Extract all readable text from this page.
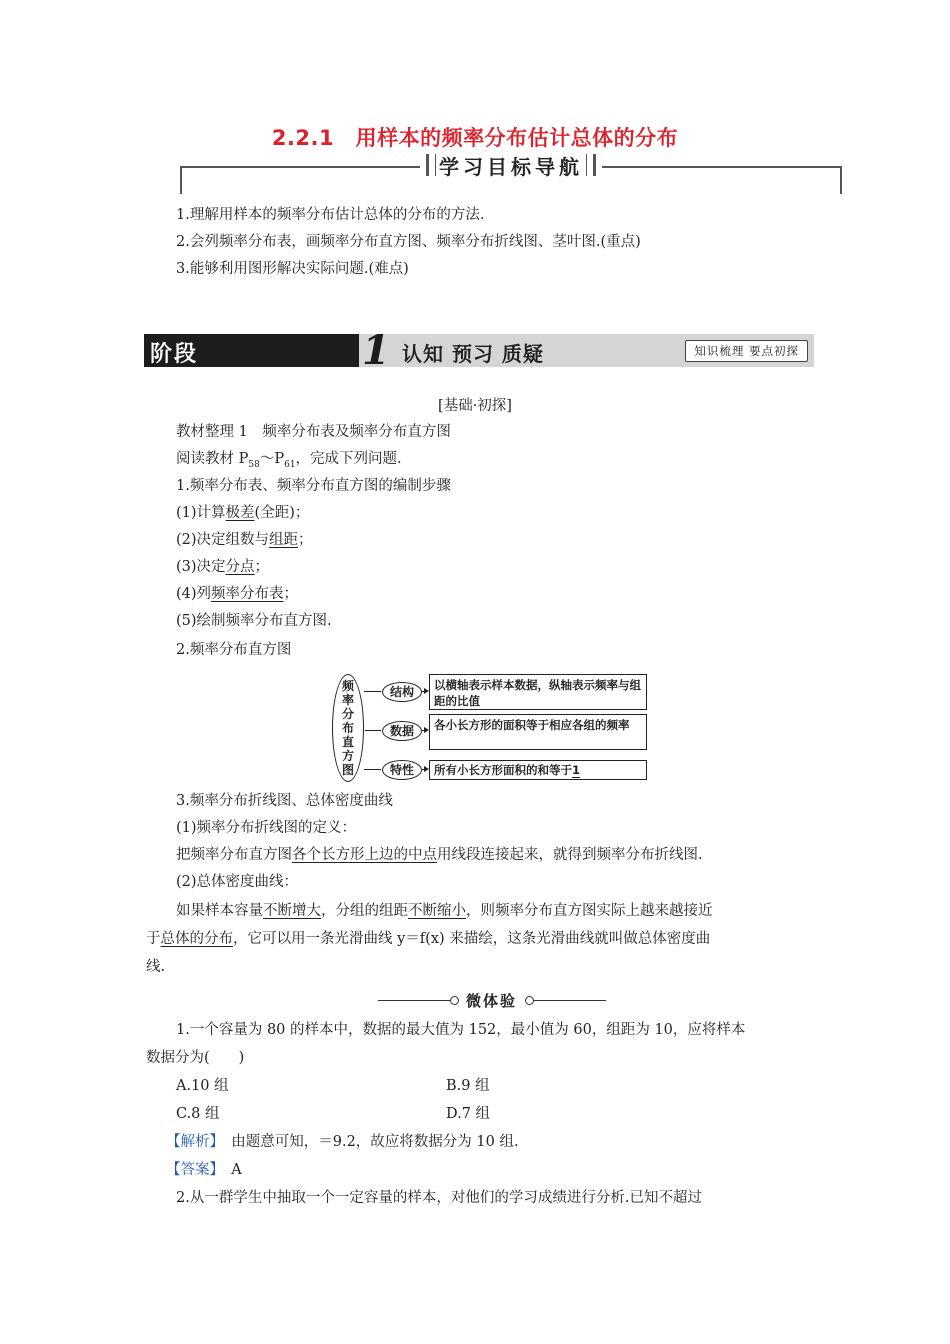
2.2.1　用样本的频率分布估计总体的分布
学习目标导航
1.理解用样本的频率分布估计总体的分布的方法.
2.会列频率分布表，画频率分布直方图、频率分布折线图、茎叶图.(重点)
3.能够利用图形解决实际问题.(难点)
阶段	1 认知 预习 质疑	知识梳理 要点初探
[基础·初探]
教材整理 1　频率分布表及频率分布直方图
阅读教材 $P_{58}\sim P_{61}$，完成下列问题.
1.频率分布表、频率分布直方图的编制步骤
(1)计算极差(全距)；
(2)决定组数与组距；
(3)决定分点；
(4)列频率分布表；
(5)绘制频率分布直方图.
2.频率分布直方图
频
率
分
布
直
方
图
结构
数据
特性
以横轴表示样本数据，纵轴表示频率与组距的比值
各小长方形的面积等于相应各组的频率
所有小长方形面积的和等于1
3.频率分布折线图、总体密度曲线
(1)频率分布折线图的定义：
把频率分布直方图各个长方形上边的中点用线段连接起来，就得到频率分布折线图.
(2)总体密度曲线：
如果样本容量不断增大，分组的组距不断缩小，则频率分布直方图实际上越来越接近
于总体的分布，它可以用一条光滑曲线 y＝f(x) 来描绘，这条光滑曲线就叫做总体密度曲
线.
微体验
1.一个容量为 80 的样本中，数据的最大值为 152，最小值为 60，组距为 10，应将样本
数据分为(　　)
A.10 组	B.9 组
C.8 组	D.7 组
【解析】　 由题意可知，＝9.2，故应将数据分为 10 组.
【答案】　 A
2.从一群学生中抽取一个一定容量的样本，对他们的学习成绩进行分析.已知不超过
